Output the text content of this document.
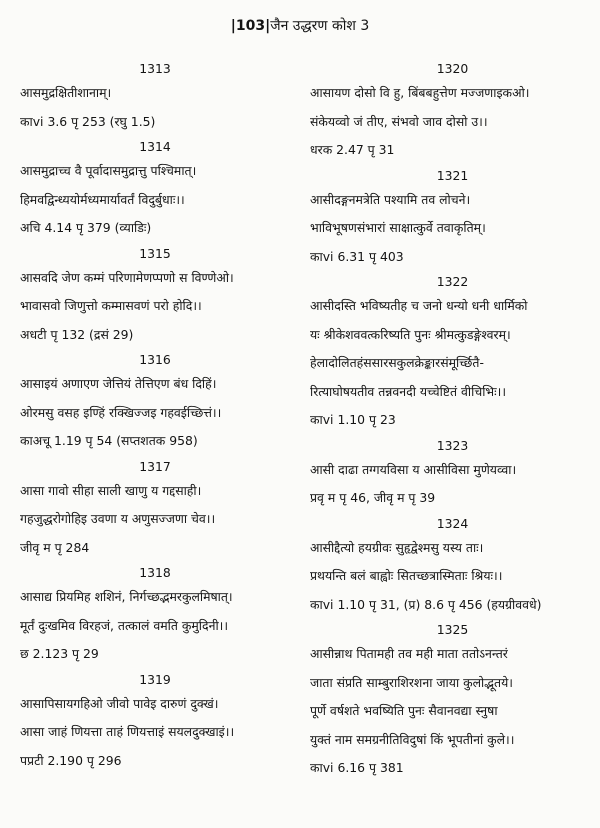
|103|जैन उद्धरण कोश 3
1313
आसमुद्रक्षितीशानाम्।
काvi 3.6 पृ 253 (रघु 1.5)
1314
आसमुद्राच्च वै पूर्वादासमुद्रात्तु पश्चिमात्।
हिमवद्विन्ध्ययोर्मध्यमार्यावर्तं विदुर्बुधाः।।
अचि 4.14 पृ 379 (व्याडिः)
1315
आसवदि जेण कम्मं परिणामेणप्पणो स विण्णेओ।
भावासवो जिणुत्तो कम्मासवणं परो होदि।।
अधटी पृ 132 (द्रसं 29)
1316
आसाइयं अणाएण जेत्तियं तेत्तिएण बंध दिहिं।
ओरमसु वसह इण्हिं रक्खिज्जइ गहवईच्छित्तं।।
काअचू 1.19 पृ 54 (सप्तशतक 958)
1317
आसा गावो सीहा साली खाणु य गद्दसाही।
गहजुद्धरोगोहिइ उवणा य अणुसज्जणा चेव।।
जीवृ म पृ 284
1318
आसाद्य प्रियमिह शशिनं, निर्गच्छद्भमरकुलमिषात्।
मूर्तं दुःखमिव विरहजं, तत्कालं वमति कुमुदिनी।।
छ 2.123 पृ 29
1319
आसापिसायगहिओ जीवो पावेइ दारुणं दुक्खं।
आसा जाहं णियत्ता ताहं णियत्ताइं सयलदुक्खाइं।।
पप्रटी 2.190 पृ 296
1320
आसायण दोसो वि हु, बिंबबहुत्तेण मज्जणाइकओ।
संकेयव्वो जं तीए, संभवो जाव दोसो उ।।
धरक 2.47 पृ 31
1321
आसीदङ्गनमत्रेति पश्यामि तव लोचने।
भाविभूषणसंभारां साक्षात्कुर्वे तवाकृतिम्।
काvi 6.31 पृ 403
1322
आसीदस्ति भविष्यतीह च जनो धन्यो धनी धार्मिको
यः श्रीकेशववत्करिष्यति पुनः श्रीमत्कुडङ्गेश्वरम्।
हेलादोलितहंससारसकुलक्रेङ्कारसंमूर्च्छितै-
रित्याघोषयतीव तन्नवनदी यच्चेष्टितं वीचिभिः।।
काvi 1.10 पृ 23
1323
आसी दाढा तग्गयविसा य आसीविसा मुणेयव्वा।
प्रवृ म पृ 46, जीवृ म पृ 39
1324
आसीद्दैत्यो हयग्रीवः सुहृद्वेश्मसु यस्य ताः।
प्रथयन्ति बलं बाह्वोः सितच्छत्रास्मिताः श्रियः।।
काvi 1.10 पृ 31, (प्र) 8.6 पृ 456 (हयग्रीववधे)
1325
आसीन्नाथ पितामही तव मही माता ततोऽनन्तरं
जाता संप्रति साम्बुराशिरशना जाया कुलोद्भूतये।
पूर्णे वर्षशते भवष्यिति पुनः सैवानवद्या स्नुषा
युक्तं नाम समग्रनीतिविदुषां किं भूपतीनां कुले।।
काvi 6.16 पृ 381
